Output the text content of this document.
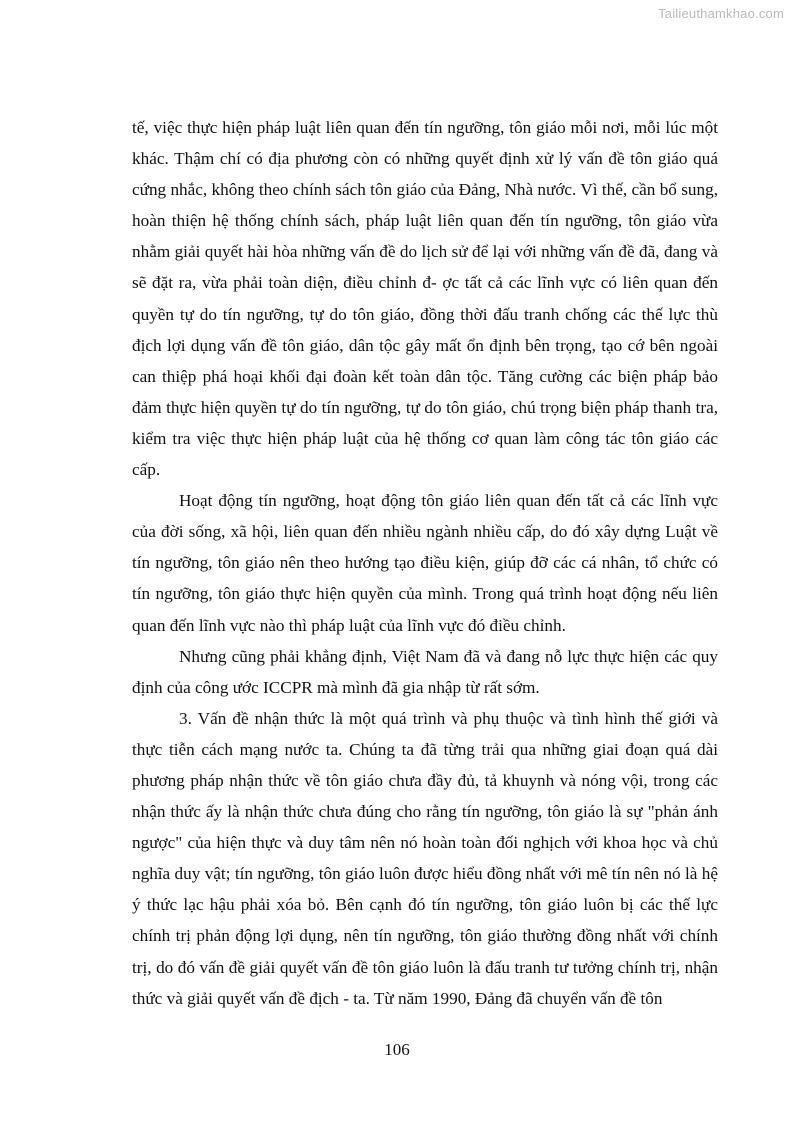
Tailieuthamkhao.com

tế, việc thực hiện pháp luật liên quan đến tín ngưỡng, tôn giáo mỗi nơi, mỗi lúc một khác. Thậm chí có địa phương còn có những quyết định xử lý vấn đề tôn giáo quá cứng nhắc, không theo chính sách tôn giáo của Đảng, Nhà nước. Vì thế, cần bổ sung, hoàn thiện hệ thống chính sách, pháp luật liên quan đến tín ngưỡng, tôn giáo vừa nhằm giải quyết hài hòa những vấn đề do lịch sử để lại với những vấn đề đã, đang và sẽ đặt ra, vừa phải toàn diện, điều chỉnh đ- ợc tất cả các lĩnh vực có liên quan đến quyền tự do tín ngưỡng, tự do tôn giáo, đồng thời đấu tranh chống các thế lực thù địch lợi dụng vấn đề tôn giáo, dân tộc gây mất ổn định bên trọng, tạo cớ bên ngoài can thiệp phá hoại khối đại đoàn kết toàn dân tộc. Tăng cường các biện pháp bảo đảm thực hiện quyền tự do tín ngưỡng, tự do tôn giáo, chú trọng biện pháp thanh tra, kiểm tra việc thực hiện pháp luật của hệ thống cơ quan làm công tác tôn giáo các cấp.

Hoạt động tín ngưỡng, hoạt động tôn giáo liên quan đến tất cả các lĩnh vực của đời sống, xã hội, liên quan đến nhiều ngành nhiều cấp, do đó xây dựng Luật về tín ngưỡng, tôn giáo nên theo hướng tạo điều kiện, giúp đỡ các cá nhân, tổ chức có tín ngưỡng, tôn giáo thực hiện quyền của mình. Trong quá trình hoạt động nếu liên quan đến lĩnh vực nào thì pháp luật của lĩnh vực đó điều chỉnh.

Nhưng cũng phải khẳng định, Việt Nam đã và đang nỗ lực thực hiện các quy định của công ước ICCPR mà mình đã gia nhập từ rất sớm.

3. Vấn đề nhận thức là một quá trình và phụ thuộc và tình hình thế giới và thực tiễn cách mạng nước ta. Chúng ta đã từng trải qua những giai đoạn quá dài phương pháp nhận thức về tôn giáo chưa đầy đủ, tả khuynh và nóng vội, trong các nhận thức ấy là nhận thức chưa đúng cho rằng tín ngưỡng, tôn giáo là sự "phản ánh ngược" của hiện thực và duy tâm nên nó hoàn toàn đối nghịch với khoa học và chủ nghĩa duy vật; tín ngưỡng, tôn giáo luôn được hiểu đồng nhất với mê tín nên nó là hệ ý thức lạc hậu phải xóa bỏ. Bên cạnh đó tín ngưỡng, tôn giáo luôn bị các thế lực chính trị phản động lợi dụng, nên tín ngưỡng, tôn giáo thường đồng nhất với chính trị, do đó vấn đề giải quyết vấn đề tôn giáo luôn là đấu tranh tư tưởng chính trị, nhận thức và giải quyết vấn đề địch - ta. Từ năm 1990, Đảng đã chuyển vấn đề tôn

106
